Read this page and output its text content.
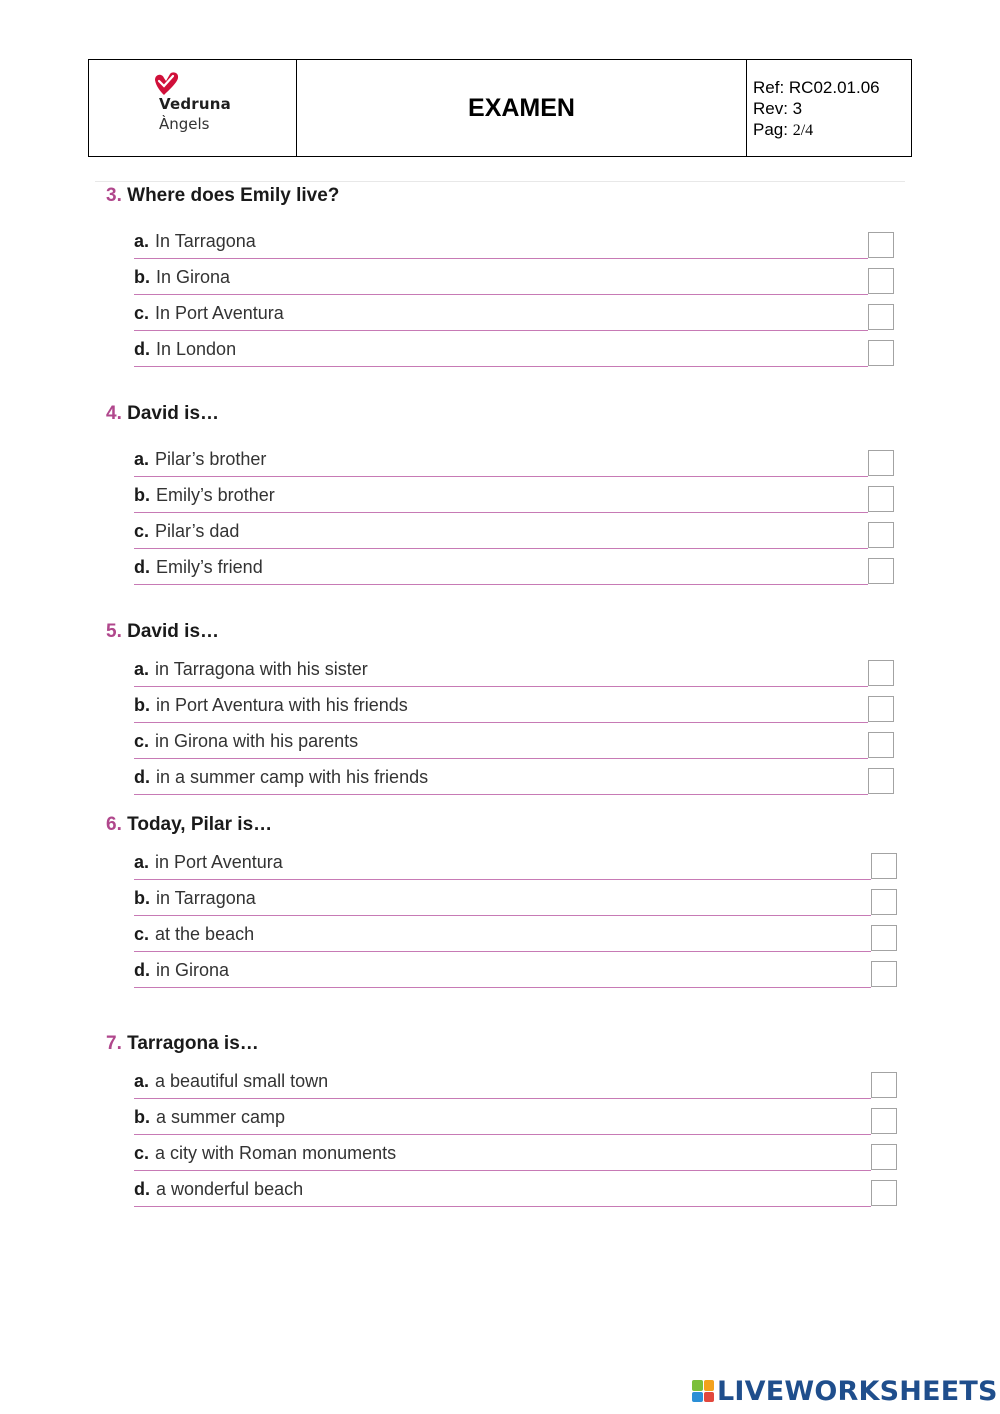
Vedruna
Àngels
EXAMEN
Ref: RC02.01.06
Rev: 3
Pag: 2/4
3. Where does Emily live?
a. In Tarragona
b. In Girona
c. In Port Aventura
d. In London
4. David is…
a. Pilar’s brother
b. Emily’s brother
c. Pilar’s dad
d. Emily’s friend
5. David is…
a. in Tarragona with his sister
b. in Port Aventura with his friends
c. in Girona with his parents
d. in a summer camp with his friends
6. Today, Pilar is…
a. in Port Aventura
b. in Tarragona
c. at the beach
d. in Girona
7. Tarragona is…
a. a beautiful small town
b. a summer camp
c. a city with Roman monuments
d. a wonderful beach
LIVEWORKSHEETS
